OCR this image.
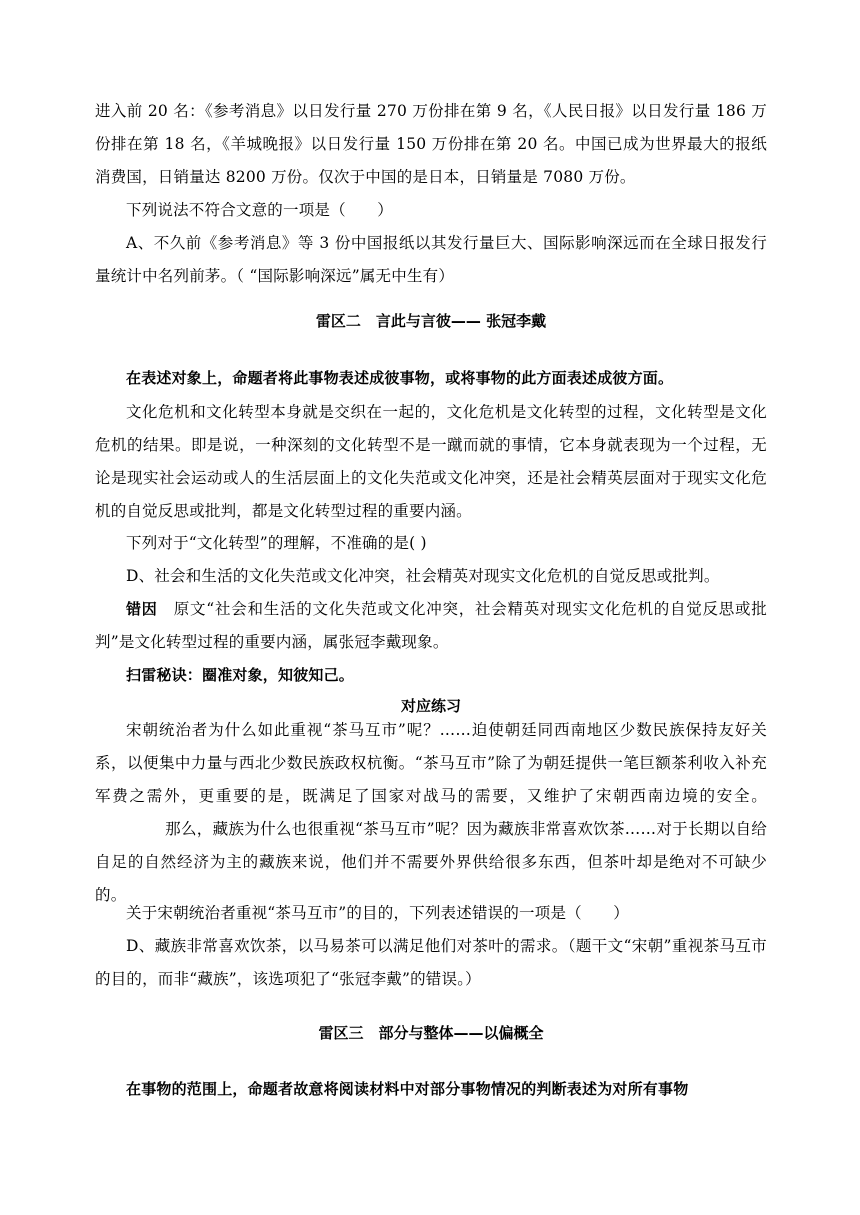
进入前 20 名：《参考消息》以日发行量 270 万份排在第 9 名，《人民日报》以日发行量 186 万份排在第 18 名，《羊城晚报》以日发行量 150 万份排在第 20 名。中国已成为世界最大的报纸消费国，日销量达 8200 万份。仅次于中国的是日本，日销量是 7080 万份。

下列说法不符合文意的一项是（　　）

A、不久前《参考消息》等 3 份中国报纸以其发行量巨大、国际影响深远而在全球日报发行量统计中名列前茅。（ “国际影响深远”属无中生有）

雷区二　言此与言彼—— 张冠李戴

在表述对象上，命题者将此事物表述成彼事物，或将事物的此方面表述成彼方面。

文化危机和文化转型本身就是交织在一起的，文化危机是文化转型的过程，文化转型是文化危机的结果。即是说，一种深刻的文化转型不是一蹴而就的事情，它本身就表现为一个过程，无论是现实社会运动或人的生活层面上的文化失范或文化冲突，还是社会精英层面对于现实文化危机的自觉反思或批判，都是文化转型过程的重要内涵。

下列对于“文化转型”的理解，不准确的是( )

D、社会和生活的文化失范或文化冲突，社会精英对现实文化危机的自觉反思或批判。

错因　原文“社会和生活的文化失范或文化冲突，社会精英对现实文化危机的自觉反思或批判”是文化转型过程的重要内涵，属张冠李戴现象。

扫雷秘诀：圈准对象，知彼知己。

对应练习

宋朝统治者为什么如此重视“茶马互市”呢？……迫使朝廷同西南地区少数民族保持友好关系，以便集中力量与西北少数民族政权杭衡。“茶马互市”除了为朝廷提供一笔巨额茶利收入补充军费之需外，更重要的是，既满足了国家对战马的需要，又维护了宋朝西南边境的安全。那么，藏族为什么也很重视“茶马互市”呢？因为藏族非常喜欢饮茶……对于长期以自给自足的自然经济为主的藏族来说，他们并不需要外界供给很多东西，但茶叶却是绝对不可缺少的。

关于宋朝统治者重视“茶马互市”的目的，下列表述错误的一项是（　　）

D、藏族非常喜欢饮茶，以马易茶可以满足他们对茶叶的需求。（题干文“宋朝”重视茶马互市的目的，而非“藏族”，该选项犯了“张冠李戴”的错误。）

雷区三　部分与整体——以偏概全

在事物的范围上，命题者故意将阅读材料中对部分事物情况的判断表述为对所有事物
